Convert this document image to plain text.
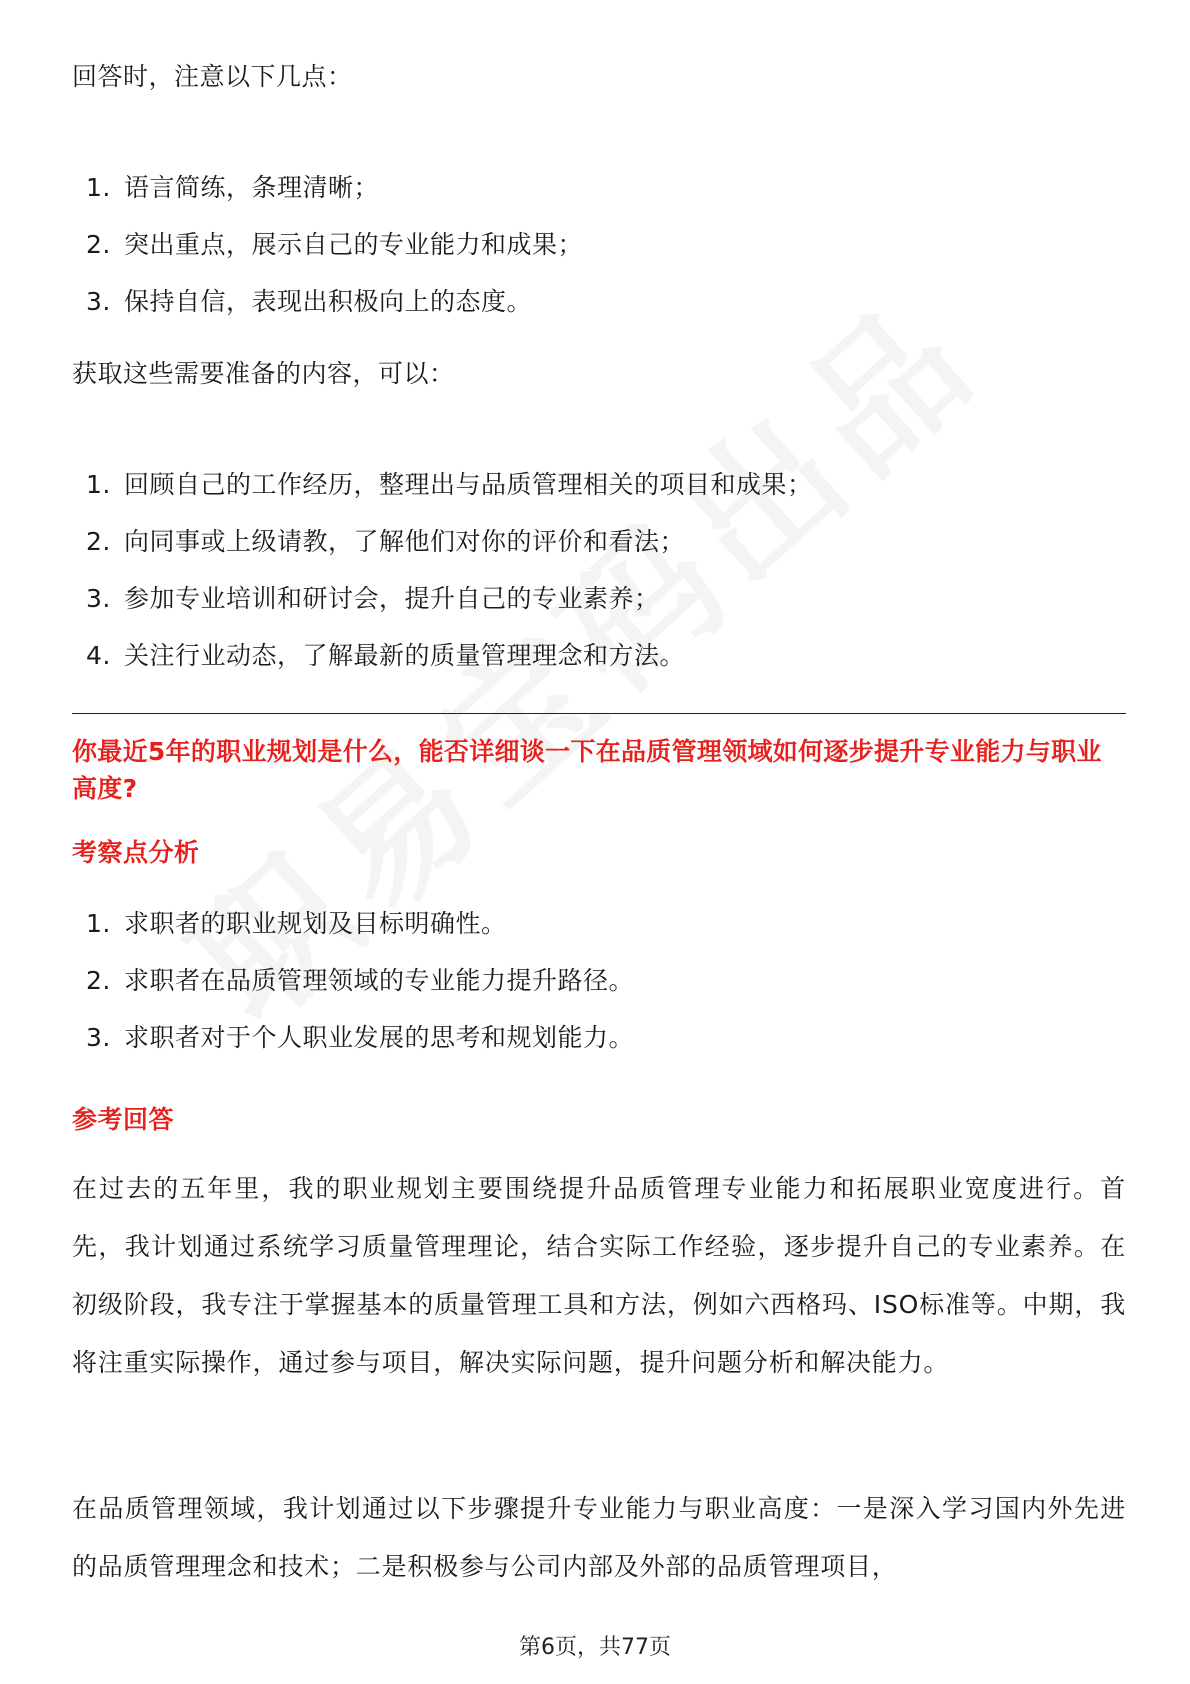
回答时，注意以下几点：

1. 语言简练，条理清晰；
2. 突出重点，展示自己的专业能力和成果；
3. 保持自信，表现出积极向上的态度。

获取这些需要准备的内容，可以：

1. 回顾自己的工作经历，整理出与品质管理相关的项目和成果；
2. 向同事或上级请教，了解他们对你的评价和看法；
3. 参加专业培训和研讨会，提升自己的专业素养；
4. 关注行业动态，了解最新的质量管理理念和方法。

你最近5年的职业规划是什么，能否详细谈一下在品质管理领域如何逐步提升专业能力与职业高度?

考察点分析

1. 求职者的职业规划及目标明确性。
2. 求职者在品质管理领域的专业能力提升路径。
3. 求职者对于个人职业发展的思考和规划能力。

参考回答

在过去的五年里，我的职业规划主要围绕提升品质管理专业能力和拓展职业宽度进行。首先，我计划通过系统学习质量管理理论，结合实际工作经验，逐步提升自己的专业素养。在初级阶段，我专注于掌握基本的质量管理工具和方法，例如六西格玛、ISO标准等。中期，我将注重实际操作，通过参与项目，解决实际问题，提升问题分析和解决能力。

在品质管理领域，我计划通过以下步骤提升专业能力与职业高度：一是深入学习国内外先进的品质管理理念和技术；二是积极参与公司内部及外部的品质管理项目，

第6页，共77页
